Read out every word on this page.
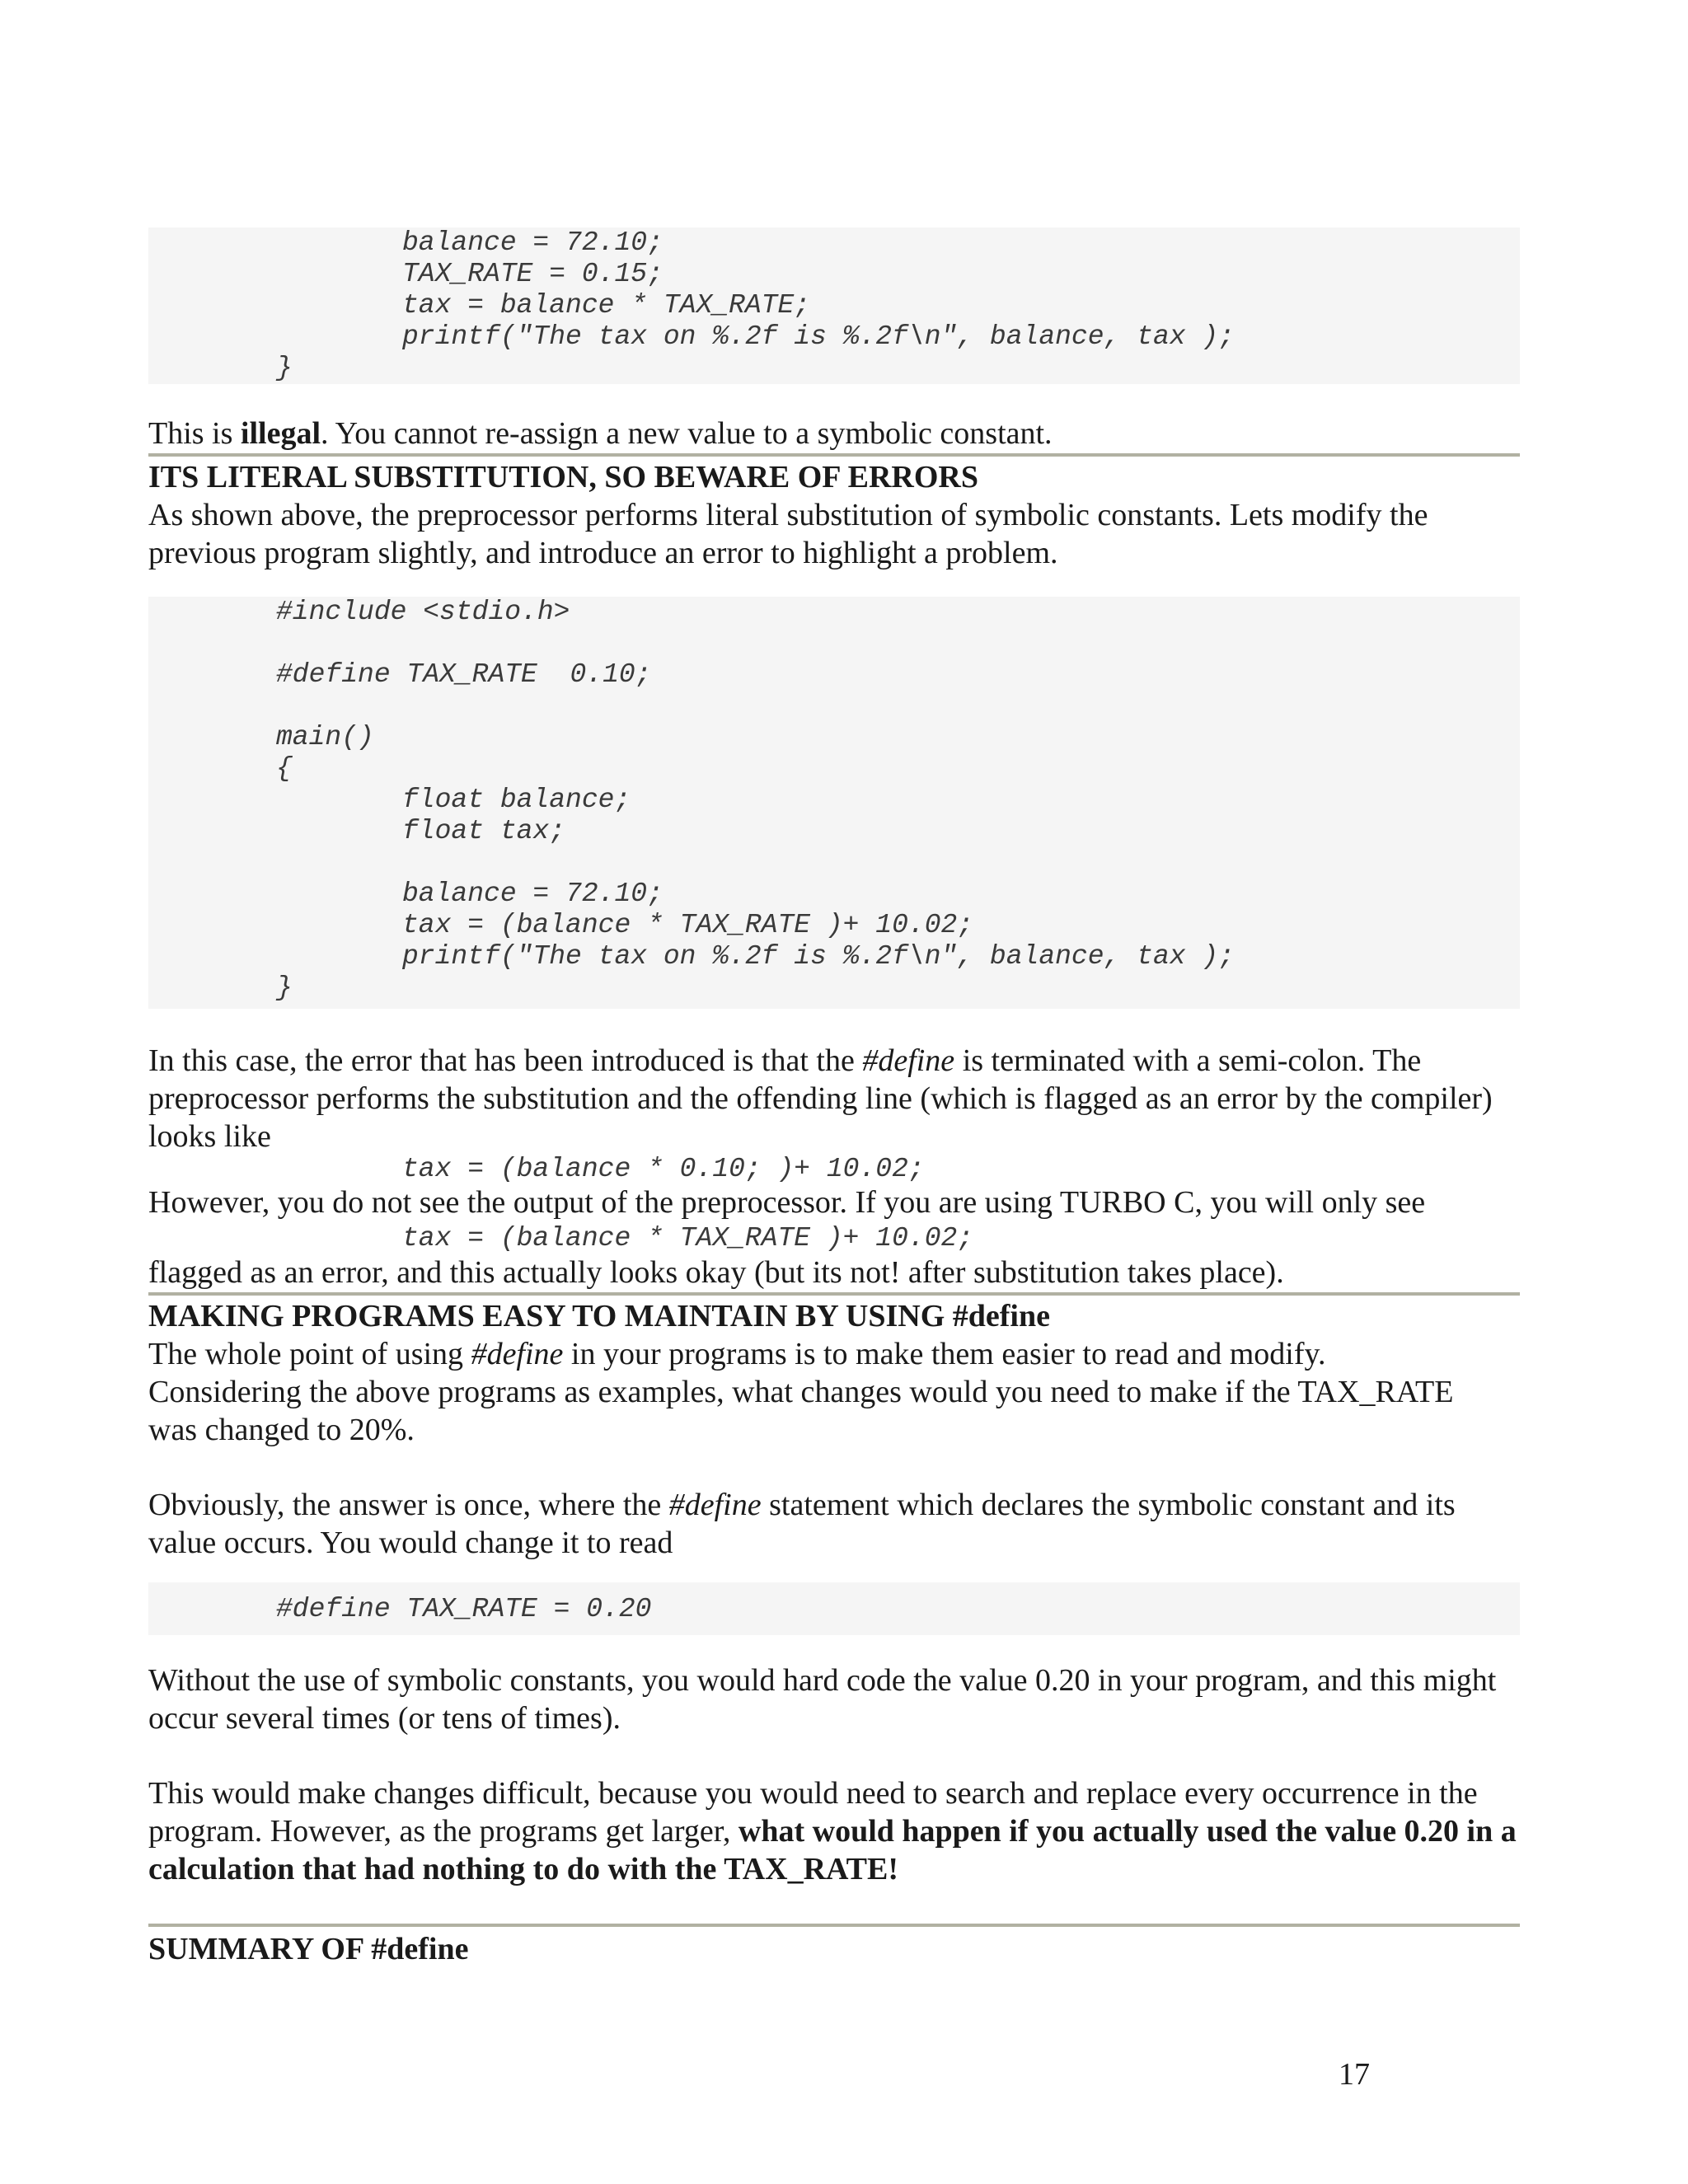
balance = 72.10;
TAX_RATE = 0.15;
tax = balance * TAX_RATE;
printf("The tax on %.2f is %.2f\n", balance, tax );
}

This is illegal. You cannot re-assign a new value to a symbolic constant.

ITS LITERAL SUBSTITUTION, SO BEWARE OF ERRORS

As shown above, the preprocessor performs literal substitution of symbolic constants. Lets modify the previous program slightly, and introduce an error to highlight a problem.

#include <stdio.h>

#define TAX_RATE  0.10;

main()
{
float balance;
float tax;

balance = 72.10;
tax = (balance * TAX_RATE )+ 10.02;
printf("The tax on %.2f is %.2f\n", balance, tax );
}

In this case, the error that has been introduced is that the #define is terminated with a semi-colon. The preprocessor performs the substitution and the offending line (which is flagged as an error by the compiler) looks like

tax = (balance * 0.10; )+ 10.02;

However, you do not see the output of the preprocessor. If you are using TURBO C, you will only see

tax = (balance * TAX_RATE )+ 10.02;

flagged as an error, and this actually looks okay (but its not! after substitution takes place).

MAKING PROGRAMS EASY TO MAINTAIN BY USING #define

The whole point of using #define in your programs is to make them easier to read and modify. Considering the above programs as examples, what changes would you need to make if the TAX_RATE was changed to 20%.

Obviously, the answer is once, where the #define statement which declares the symbolic constant and its value occurs. You would change it to read

#define TAX_RATE = 0.20

Without the use of symbolic constants, you would hard code the value 0.20 in your program, and this might occur several times (or tens of times).

This would make changes difficult, because you would need to search and replace every occurrence in the program. However, as the programs get larger, what would happen if you actually used the value 0.20 in a calculation that had nothing to do with the TAX_RATE!

SUMMARY OF #define

17
